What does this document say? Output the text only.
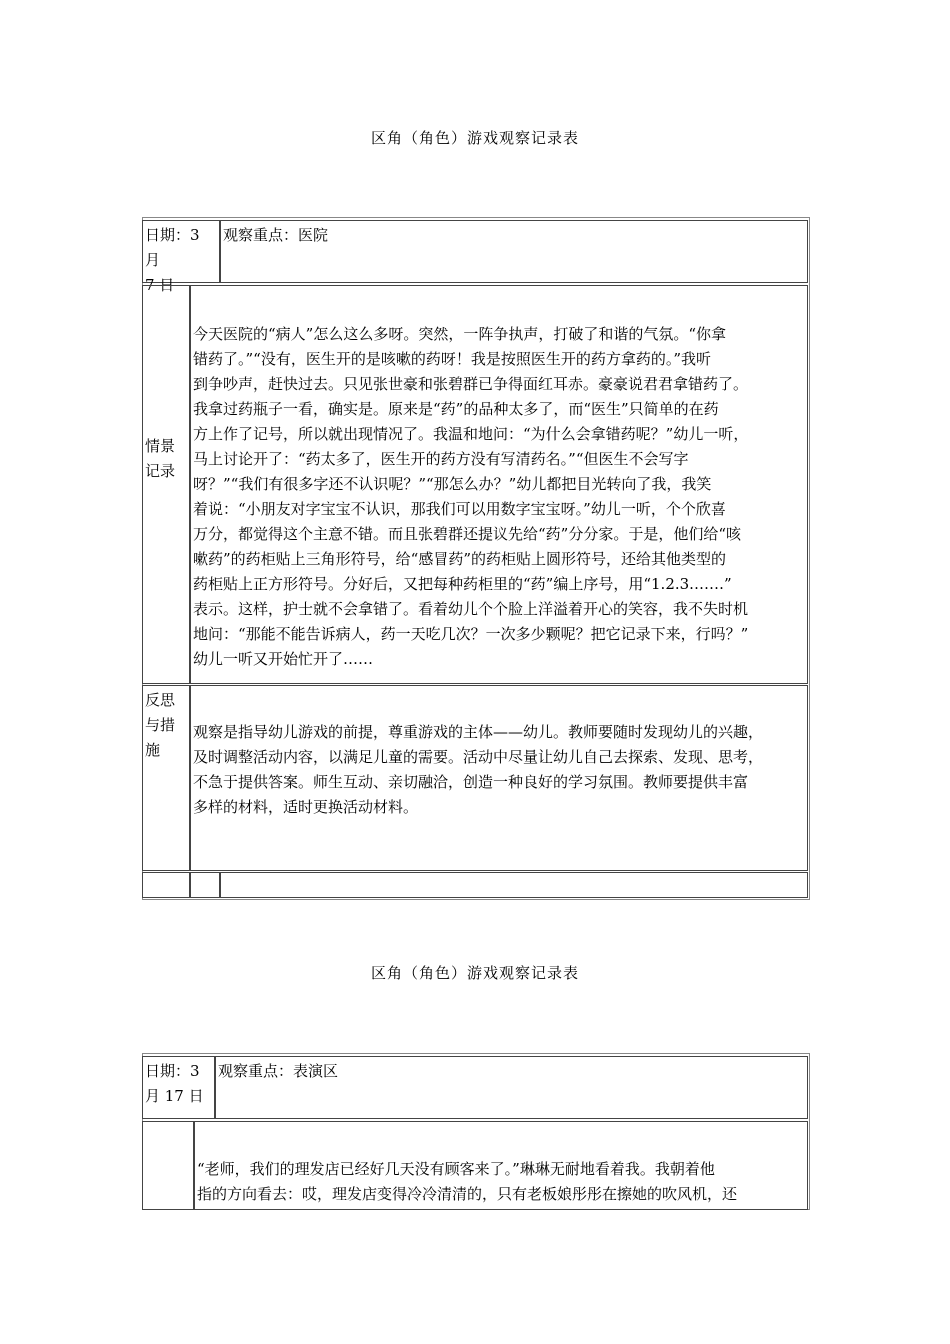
区角（角色）游戏观察记录表
日期：3 月
7 日
观察重点：医院
情景
记录
今天医院的“病人”怎么这么多呀。突然，一阵争执声，打破了和谐的气氛。“你拿
错药了。”“没有，医生开的是咳嗽的药呀！我是按照医生开的药方拿药的。”我听
到争吵声，赶快过去。只见张世豪和张碧群已争得面红耳赤。豪豪说君君拿错药了。
我拿过药瓶子一看，确实是。原来是“药”的品种太多了，而“医生”只简单的在药
方上作了记号，所以就出现情况了。我温和地问：“为什么会拿错药呢？”幼儿一听，
马上讨论开了：“药太多了，医生开的药方没有写清药名。”“但医生不会写字
呀？”“我们有很多字还不认识呢？”“那怎么办？”幼儿都把目光转向了我，我笑
着说：“小朋友对字宝宝不认识，那我们可以用数字宝宝呀。”幼儿一听，个个欣喜
万分，都觉得这个主意不错。而且张碧群还提议先给“药”分分家。于是，他们给“咳
嗽药”的药柜贴上三角形符号，给“感冒药”的药柜贴上圆形符号，还给其他类型的
药柜贴上正方形符号。分好后，又把每种药柜里的“药”编上序号，用“1.2.3.……”
表示。这样，护士就不会拿错了。看着幼儿个个脸上洋溢着开心的笑容，我不失时机
地问：“那能不能告诉病人，药一天吃几次？一次多少颗呢？把它记录下来，行吗？”
幼儿一听又开始忙开了……
反思
与措
施
观察是指导幼儿游戏的前提，尊重游戏的主体——幼儿。教师要随时发现幼儿的兴趣，
及时调整活动内容，以满足儿童的需要。活动中尽量让幼儿自己去探索、发现、思考，
不急于提供答案。师生互动、亲切融洽，创造一种良好的学习氛围。教师要提供丰富
多样的材料，适时更换活动材料。
区角（角色）游戏观察记录表
日期：3
月 17 日
观察重点：表演区
“老师，我们的理发店已经好几天没有顾客来了。”琳琳无耐地看着我。我朝着他
指的方向看去：哎，理发店变得冷冷清清的，只有老板娘彤彤在擦她的吹风机，还
